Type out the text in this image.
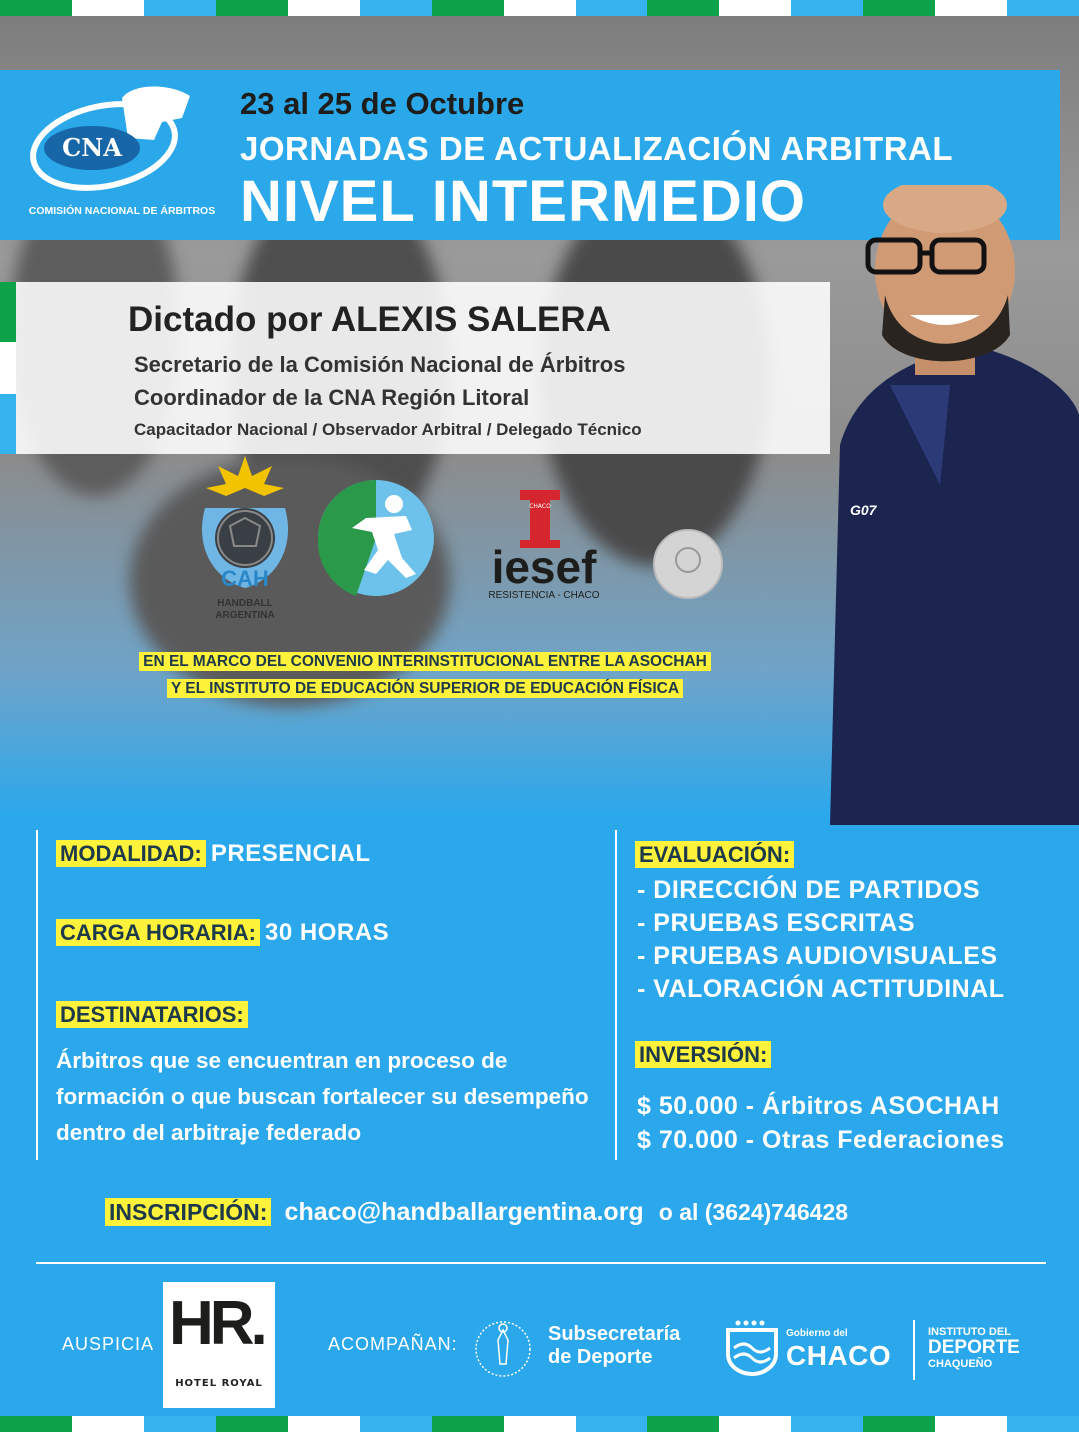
CNA
COMISIÓN NACIONAL DE ÁRBITROS
23 al 25 de Octubre
JORNADAS DE ACTUALIZACIÓN ARBITRAL
NIVEL INTERMEDIO
Dictado por ALEXIS SALERA
Secretario de la Comisión Nacional de Árbitros
Coordinador de la CNA Región Litoral
Capacitador Nacional / Observador Arbitral / Delegado Técnico
G07
CAH
HANDBALL
ARGENTINA
CHACO
iesef
RESISTENCIA - CHACO
EN EL MARCO DEL CONVENIO INTERINSTITUCIONAL ENTRE LA ASOCHAH
Y EL INSTITUTO DE EDUCACIÓN SUPERIOR DE EDUCACIÓN FÍSICA
MODALIDAD: PRESENCIAL
CARGA HORARIA: 30 HORAS
DESTINATARIOS:
Árbitros que se encuentran en proceso de formación o que buscan fortalecer su desempeño dentro del arbitraje federado
EVALUACIÓN:
- DIRECCIÓN DE PARTIDOS
- PRUEBAS ESCRITAS
- PRUEBAS AUDIOVISUALES
- VALORACIÓN ACTITUDINAL
INVERSIÓN:
$ 50.000 - Árbitros ASOCHAH
$ 70.000 - Otras Federaciones
INSCRIPCIÓN: chaco@handballargentina.org o al (3624)746428
AUSPICIA HR.
HOTEL ROYAL
ACOMPAÑAN:	Subsecretaría
de Deporte
Gobierno del
CHACO
INSTITUTO DEL
DEPORTE
CHAQUEÑO
